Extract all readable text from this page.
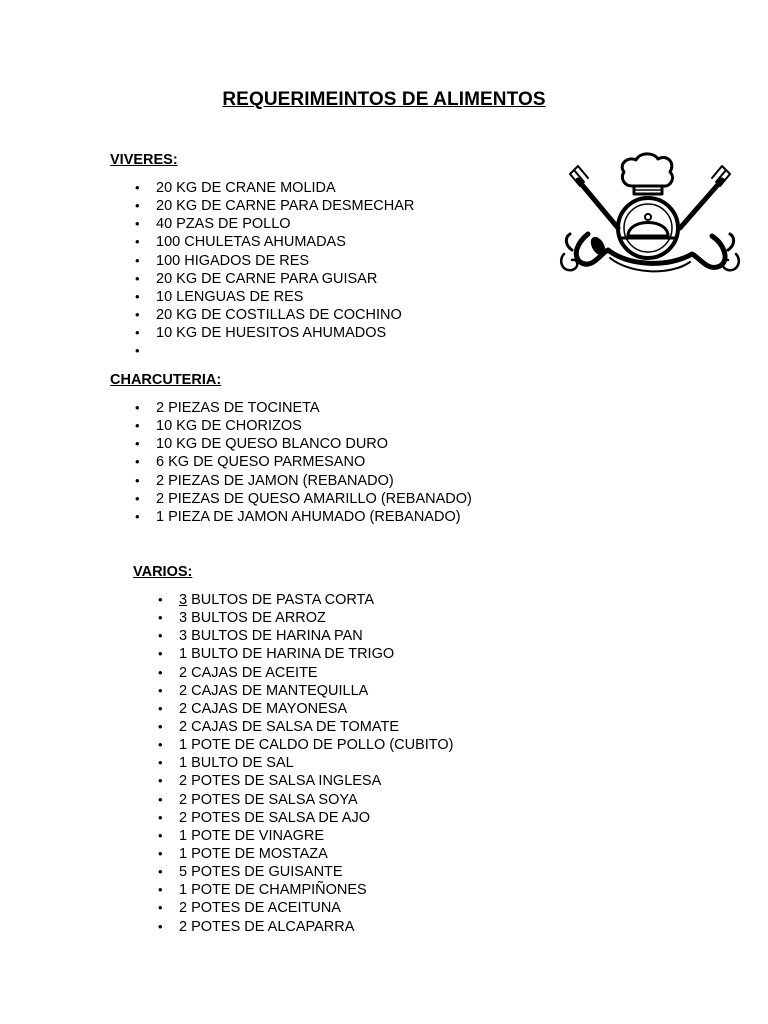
REQUERIMEINTOS DE ALIMENTOS
VIVERES:
• 20 KG DE CRANE MOLIDA
• 20 KG DE CARNE PARA DESMECHAR
• 40 PZAS DE POLLO
• 100 CHULETAS AHUMADAS
• 100 HIGADOS DE RES
• 20 KG DE CARNE PARA GUISAR
• 10 LENGUAS DE RES
• 20 KG DE COSTILLAS DE COCHINO
• 10 KG DE HUESITOS AHUMADOS
•
CHARCUTERIA:
• 2 PIEZAS DE TOCINETA
• 10 KG DE CHORIZOS
• 10 KG DE QUESO BLANCO DURO
• 6 KG DE QUESO PARMESANO
• 2 PIEZAS DE JAMON (REBANADO)
• 2 PIEZAS DE QUESO AMARILLO (REBANADO)
• 1 PIEZA DE JAMON AHUMADO (REBANADO)
VARIOS:
• 3 BULTOS DE PASTA CORTA
• 3 BULTOS DE ARROZ
• 3 BULTOS DE HARINA PAN
• 1 BULTO DE HARINA DE TRIGO
• 2 CAJAS DE ACEITE
• 2 CAJAS DE MANTEQUILLA
• 2 CAJAS DE MAYONESA
• 2 CAJAS DE SALSA DE TOMATE
• 1 POTE DE CALDO DE POLLO (CUBITO)
• 1 BULTO DE SAL
• 2 POTES DE SALSA INGLESA
• 2 POTES DE SALSA SOYA
• 2 POTES DE SALSA DE AJO
• 1 POTE DE VINAGRE
• 1 POTE DE MOSTAZA
• 5 POTES DE GUISANTE
• 1 POTE DE CHAMPIÑONES
• 2 POTES DE ACEITUNA
• 2 POTES DE ALCAPARRA
